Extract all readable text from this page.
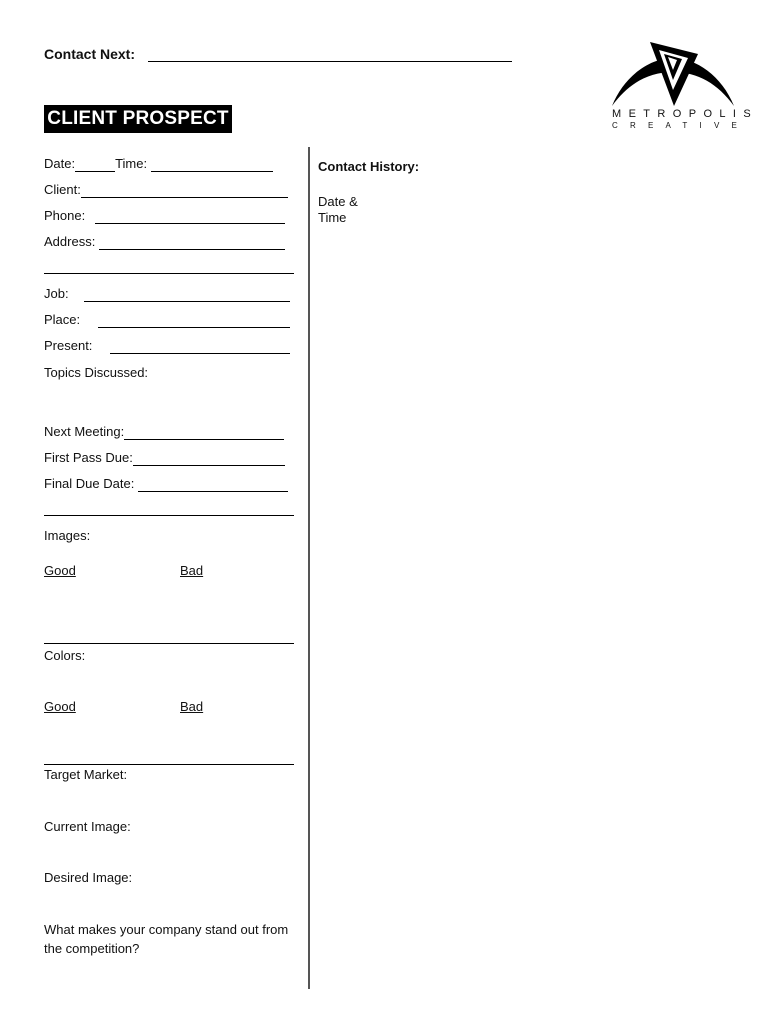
Contact Next:
CLIENT PROSPECT	METROPOLIS
CREATIVE
Date:	Time:
Client:
Phone:
Address:
Job:
Place:
Present:
Topics Discussed:
Next Meeting:
First Pass Due:
Final Due Date:
Images:
Good	Bad
Colors:
Good	Bad
Target Market:
Current Image:
Desired Image:
What makes your company stand out from the competition?
Contact History:
Date & Time
